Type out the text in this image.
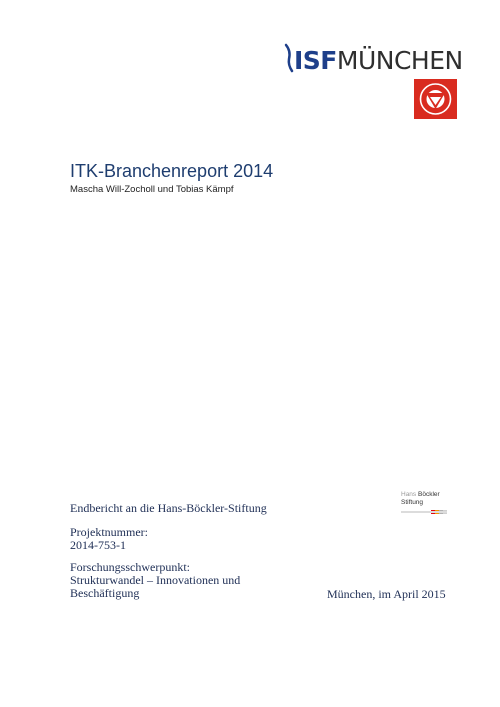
ISFMÜNCHEN
ITK-Branchenreport 2014
Mascha Will-Zocholl und Tobias Kämpf
Endbericht an die Hans-Böckler-Stiftung
Projektnummer:
2014-753-1
Forschungsschwerpunkt:
Strukturwandel – Innovationen und
Beschäftigung	München, im April 2015
Hans Böckler
Stiftung
